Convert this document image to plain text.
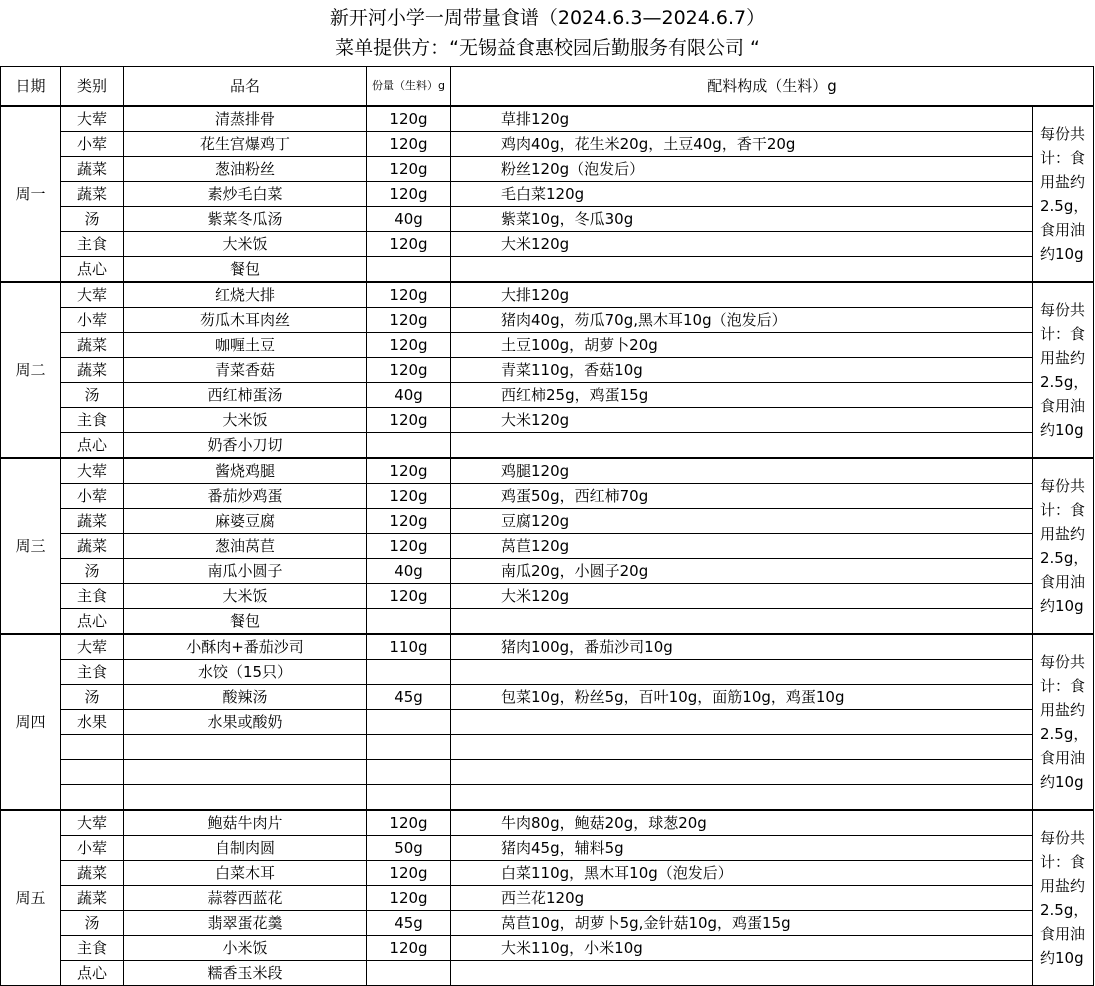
新开河小学一周带量食谱（2024.6.3—2024.6.7）
菜单提供方：“无锡益食惠校园后勤服务有限公司 “
日期	类别	品名	份量（生料）g	配料构成（生料）g	
周一	大荤	清蒸排骨	120g	草排120g	每份共计：食用盐约2.5g，食用油约10g
	小荤	花生宫爆鸡丁	120g	鸡肉40g，花生米20g，土豆40g，香干20g	
	蔬菜	葱油粉丝	120g	粉丝120g（泡发后）	
	蔬菜	素炒毛白菜	120g	毛白菜120g	
	汤	紫菜冬瓜汤	40g	紫菜10g，冬瓜30g	
	主食	大米饭	120g	大米120g	
	点心	餐包			
周二	大荤	红烧大排	120g	大排120g	每份共计：食用盐约2.5g，食用油约10g
	小荤	芴瓜木耳肉丝	120g	猪肉40g，芴瓜70g,黑木耳10g（泡发后）	
	蔬菜	咖喱土豆	120g	土豆100g，胡萝卜20g	
	蔬菜	青菜香菇	120g	青菜110g，香菇10g	
	汤	西红柿蛋汤	40g	西红柿25g，鸡蛋15g	
	主食	大米饭	120g	大米120g	
	点心	奶香小刀切			
周三	大荤	酱烧鸡腿	120g	鸡腿120g	每份共计：食用盐约2.5g，食用油约10g
	小荤	番茄炒鸡蛋	120g	鸡蛋50g，西红柿70g	
	蔬菜	麻婆豆腐	120g	豆腐120g	
	蔬菜	葱油莴苣	120g	莴苣120g	
	汤	南瓜小圆子	40g	南瓜20g，小圆子20g	
	主食	大米饭	120g	大米120g	
	点心	餐包			
周四	大荤	小酥肉+番茄沙司	110g	猪肉100g，番茄沙司10g	每份共计：食用盐约2.5g，食用油约10g
	主食	水饺（15只）			
	汤	酸辣汤	45g	包菜10g，粉丝5g，百叶10g，面筋10g，鸡蛋10g	
	水果	水果或酸奶			

周五	大荤	鲍菇牛肉片	120g	牛肉80g，鲍菇20g，球葱20g	每份共计：食用盐约2.5g，食用油约10g
	小荤	自制肉圆	50g	猪肉45g，辅料5g	
	蔬菜	白菜木耳	120g	白菜110g，黑木耳10g（泡发后）	
	蔬菜	蒜蓉西蓝花	120g	西兰花120g	
	汤	翡翠蛋花羹	45g	莴苣10g，胡萝卜5g,金针菇10g，鸡蛋15g	
	主食	小米饭	120g	大米110g，小米10g	
	点心	糯香玉米段			
